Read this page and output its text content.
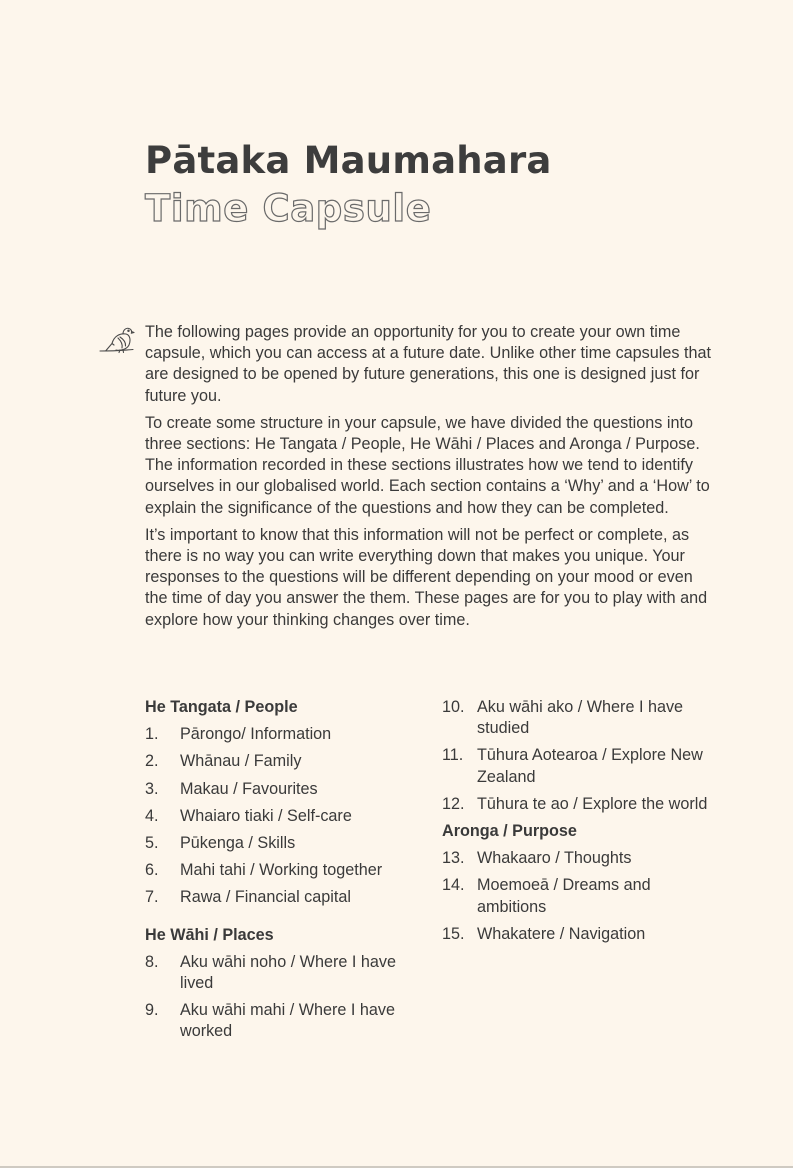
Pātaka Maumahara
Time Capsule

The following pages provide an opportunity for you to create your own time capsule, which you can access at a future date. Unlike other time capsules that are designed to be opened by future generations, this one is designed just for future you.

To create some structure in your capsule, we have divided the questions into three sections: He Tangata / People, He Wāhi / Places and Aronga / Purpose. The information recorded in these sections illustrates how we tend to identify ourselves in our globalised world. Each section contains a ‘Why’ and a ‘How’ to explain the significance of the questions and how they can be completed.

It’s important to know that this information will not be perfect or complete, as there is no way you can write everything down that makes you unique. Your responses to the questions will be different depending on your mood or even the time of day you answer the them. These pages are for you to play with and explore how your thinking changes over time.

He Tangata / People
1.	Pārongo/ Information
2.	Whānau / Family
3.	Makau / Favourites
4.	Whaiaro tiaki / Self-care
5.	Pūkenga / Skills
6.	Mahi tahi / Working together
7.	Rawa / Financial capital
He Wāhi / Places
8.	Aku wāhi noho / Where I have lived
9.	Aku wāhi mahi / Where I have worked
10. Aku wāhi ako / Where I have studied
11. Tūhura Aotearoa / Explore New Zealand
12. Tūhura te ao / Explore the world
Aronga / Purpose
13. Whakaaro / Thoughts
14. Moemoeā / Dreams and ambitions
15. Whakatere / Navigation
